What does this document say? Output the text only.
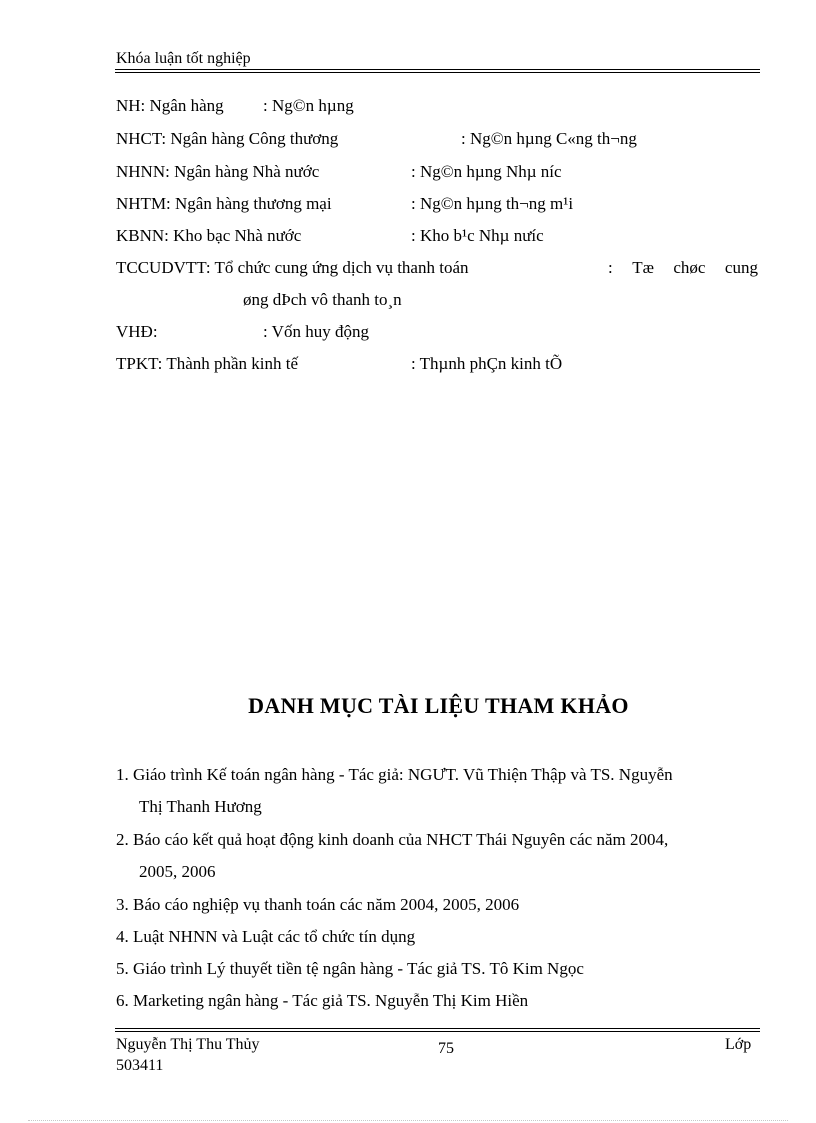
Khóa luận tốt nghiệp
NH: Ngân hàng : Ng©n hµng
NHCT: Ngân hàng Công thương	: Ng©n hµng C«ng th¬ng
NHNN: Ngân hàng Nhà nước	: Ng©n hµng Nhµ níc
NHTM: Ngân hàng thương mại	: Ng©n hµng th¬ng m¹i
KBNN: Kho bạc Nhà nước	: Kho b¹c Nhµ nưíc
TCCUDVTT: Tổ chức cung ứng dịch vụ thanh toán	: Tæ chøc cung
øng dÞch vô thanh to¸n
VHĐ:	: Vốn huy động
TPKT: Thành phần kinh tế	: Thµnh phÇn kinh tÕ
DANH MỤC TÀI LIỆU THAM KHẢO
1. Giáo trình Kế toán ngân hàng - Tác giả: NGƯT. Vũ Thiện Thập và TS. Nguyễn
Thị Thanh Hương
2. Báo cáo kết quả hoạt động kinh doanh của NHCT Thái Nguyên các năm 2004,
2005, 2006
3. Báo cáo nghiệp vụ thanh toán các năm 2004, 2005, 2006
4. Luật NHNN và Luật các tổ chức tín dụng
5. Giáo trình Lý thuyết tiền tệ ngân hàng - Tác giả TS. Tô Kim Ngọc
6. Marketing ngân hàng - Tác giả TS. Nguyễn Thị Kim Hiền
Nguyễn Thị Thu Thủy
503411
75	Lớp
